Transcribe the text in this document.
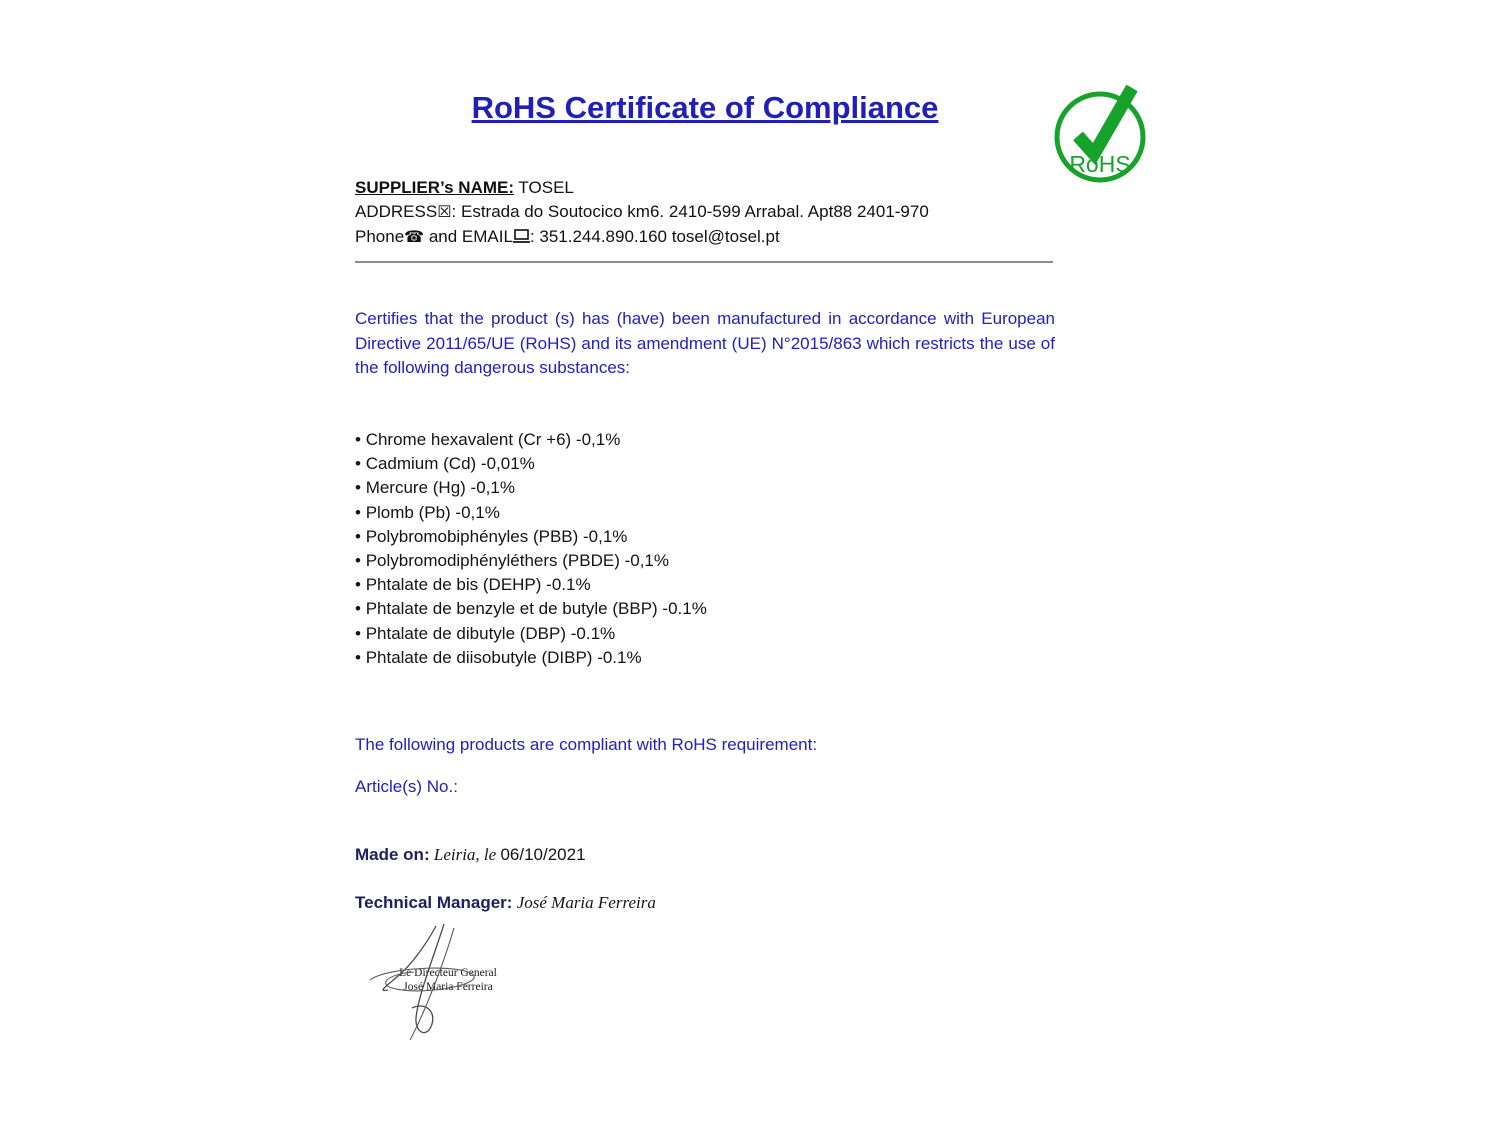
RoHS Certificate of Compliance
RoHS
SUPPLIER’s NAME: TOSEL
ADDRESS☒: Estrada do Soutocico km6. 2410-599 Arrabal. Apt88 2401-970
Phone☎ and EMAIL : 351.244.890.160 tosel@tosel.pt
Certifies that the product (s) has (have) been manufactured in accordance with European Directive 2011/65/UE (RoHS) and its amendment (UE) N°2015/863 which restricts the use of the following dangerous substances:
• Chrome hexavalent (Cr +6) -0,1%
• Cadmium (Cd) -0,01%
• Mercure (Hg) -0,1%
• Plomb (Pb) -0,1%
• Polybromobiphényles (PBB) -0,1%
• Polybromodiphényléthers (PBDE) -0,1%
• Phtalate de bis (DEHP) -0.1%
• Phtalate de benzyle et de butyle (BBP) -0.1%
• Phtalate de dibutyle (DBP) -0.1%
• Phtalate de diisobutyle (DIBP) -0.1%
The following products are compliant with RoHS requirement:
Article(s) No.:
Made on: Leiria, le 06/10/2021
Technical Manager: José Maria Ferreira
Le Directeur General
José Maria Ferreira
